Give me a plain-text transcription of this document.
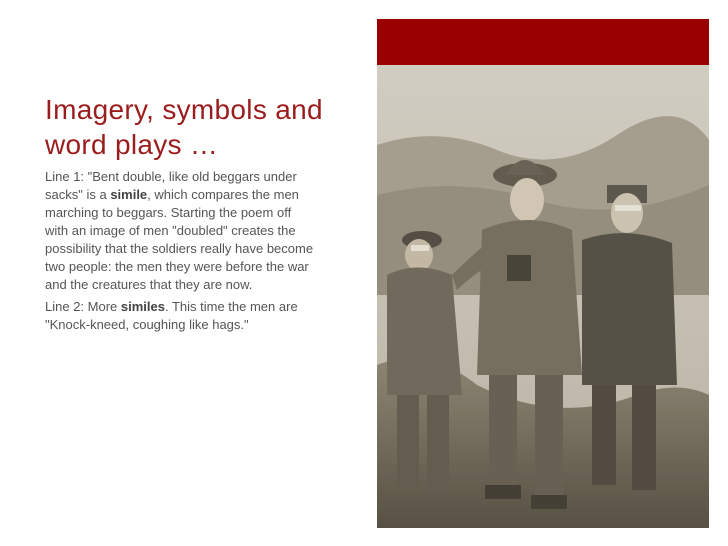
Imagery, symbols and word plays …

Line 1: "Bent double, like old beggars under sacks" is a simile, which compares the men marching to beggars. Starting the poem off with an image of men "doubled" creates the possibility that the soldiers really have become two people: the men they were before the war and the creatures that they are now.

Line 2: More similes. This time the men are "Knock-kneed, coughing like hags."
